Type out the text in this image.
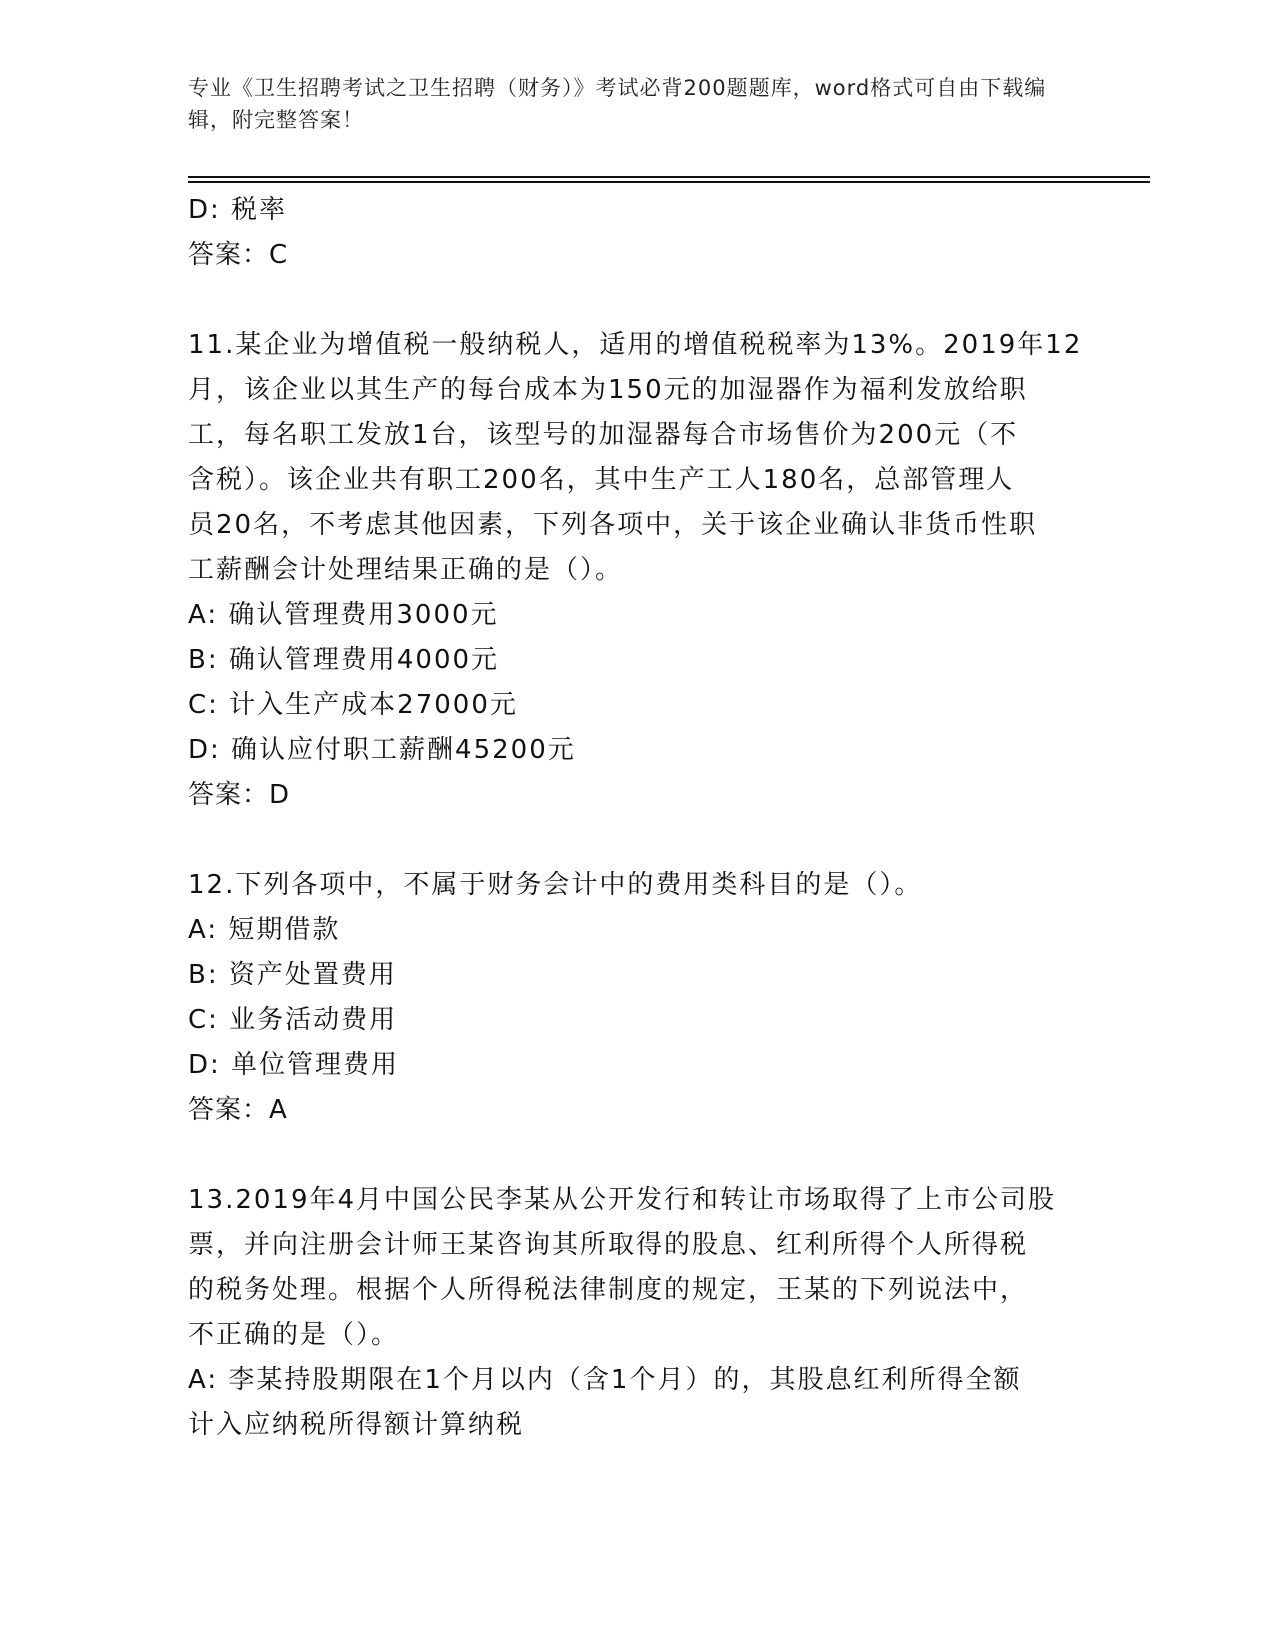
专业《卫生招聘考试之卫生招聘（财务）》考试必背200题题库，word格式可自由下载编辑，附完整答案！
D: 税率
答案：C
11.某企业为增值税一般纳税人，适用的增值税税率为13%。2019年12
月，该企业以其生产的每台成本为150元的加湿器作为福利发放给职
工，每名职工发放1台，该型号的加湿器每合市场售价为200元（不
含税）。该企业共有职工200名，其中生产工人180名，总部管理人
员20名，不考虑其他因素，下列各项中，关于该企业确认非货币性职
工薪酬会计处理结果正确的是（）。
A: 确认管理费用3000元
B: 确认管理费用4000元
C: 计入生产成本27000元
D: 确认应付职工薪酬45200元
答案：D
12.下列各项中，不属于财务会计中的费用类科目的是（）。
A: 短期借款
B: 资产处置费用
C: 业务活动费用
D: 单位管理费用
答案：A
13.2019年4月中国公民李某从公开发行和转让市场取得了上市公司股
票，并向注册会计师王某咨询其所取得的股息、红利所得个人所得税
的税务处理。根据个人所得税法律制度的规定，王某的下列说法中，
不正确的是（）。
A: 李某持股期限在1个月以内（含1个月）的，其股息红利所得全额
计入应纳税所得额计算纳税
